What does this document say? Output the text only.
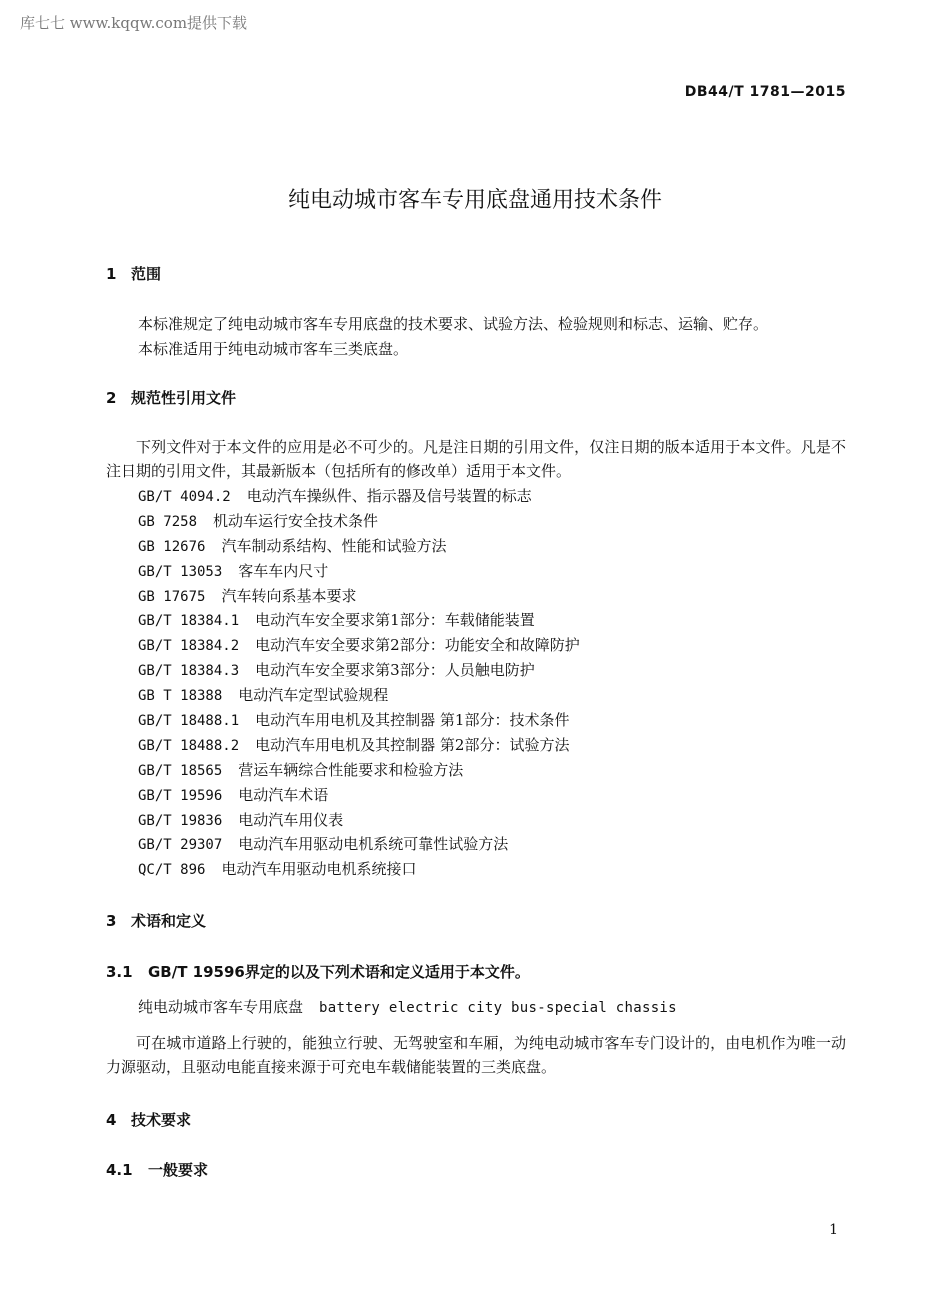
库七七 www.kqqw.com提供下载
DB44/T 1781—2015
纯电动城市客车专用底盘通用技术条件
1 范围
本标准规定了纯电动城市客车专用底盘的技术要求、试验方法、检验规则和标志、运输、贮存。
本标准适用于纯电动城市客车三类底盘。
2 规范性引用文件
下列文件对于本文件的应用是必不可少的。凡是注日期的引用文件，仅注日期的版本适用于本文件。凡是不注日期的引用文件，其最新版本（包括所有的修改单）适用于本文件。
GB/T 4094.2 电动汽车操纵件、指示器及信号装置的标志
GB 7258 机动车运行安全技术条件
GB 12676 汽车制动系结构、性能和试验方法
GB/T 13053 客车车内尺寸
GB 17675 汽车转向系基本要求
GB/T 18384.1 电动汽车安全要求第1部分：车载储能装置
GB/T 18384.2 电动汽车安全要求第2部分：功能安全和故障防护
GB/T 18384.3 电动汽车安全要求第3部分：人员触电防护
GB T 18388 电动汽车定型试验规程
GB/T 18488.1 电动汽车用电机及其控制器 第1部分：技术条件
GB/T 18488.2 电动汽车用电机及其控制器 第2部分：试验方法
GB/T 18565 营运车辆综合性能要求和检验方法
GB/T 19596 电动汽车术语
GB/T 19836 电动汽车用仪表
GB/T 29307 电动汽车用驱动电机系统可靠性试验方法
QC/T 896 电动汽车用驱动电机系统接口
3 术语和定义
3.1 GB/T 19596界定的以及下列术语和定义适用于本文件。
纯电动城市客车专用底盘 battery electric city bus-special chassis
可在城市道路上行驶的，能独立行驶、无驾驶室和车厢，为纯电动城市客车专门设计的，由电机作为唯一动力源驱动，且驱动电能直接来源于可充电车载储能装置的三类底盘。
4 技术要求
4.1 一般要求
1
